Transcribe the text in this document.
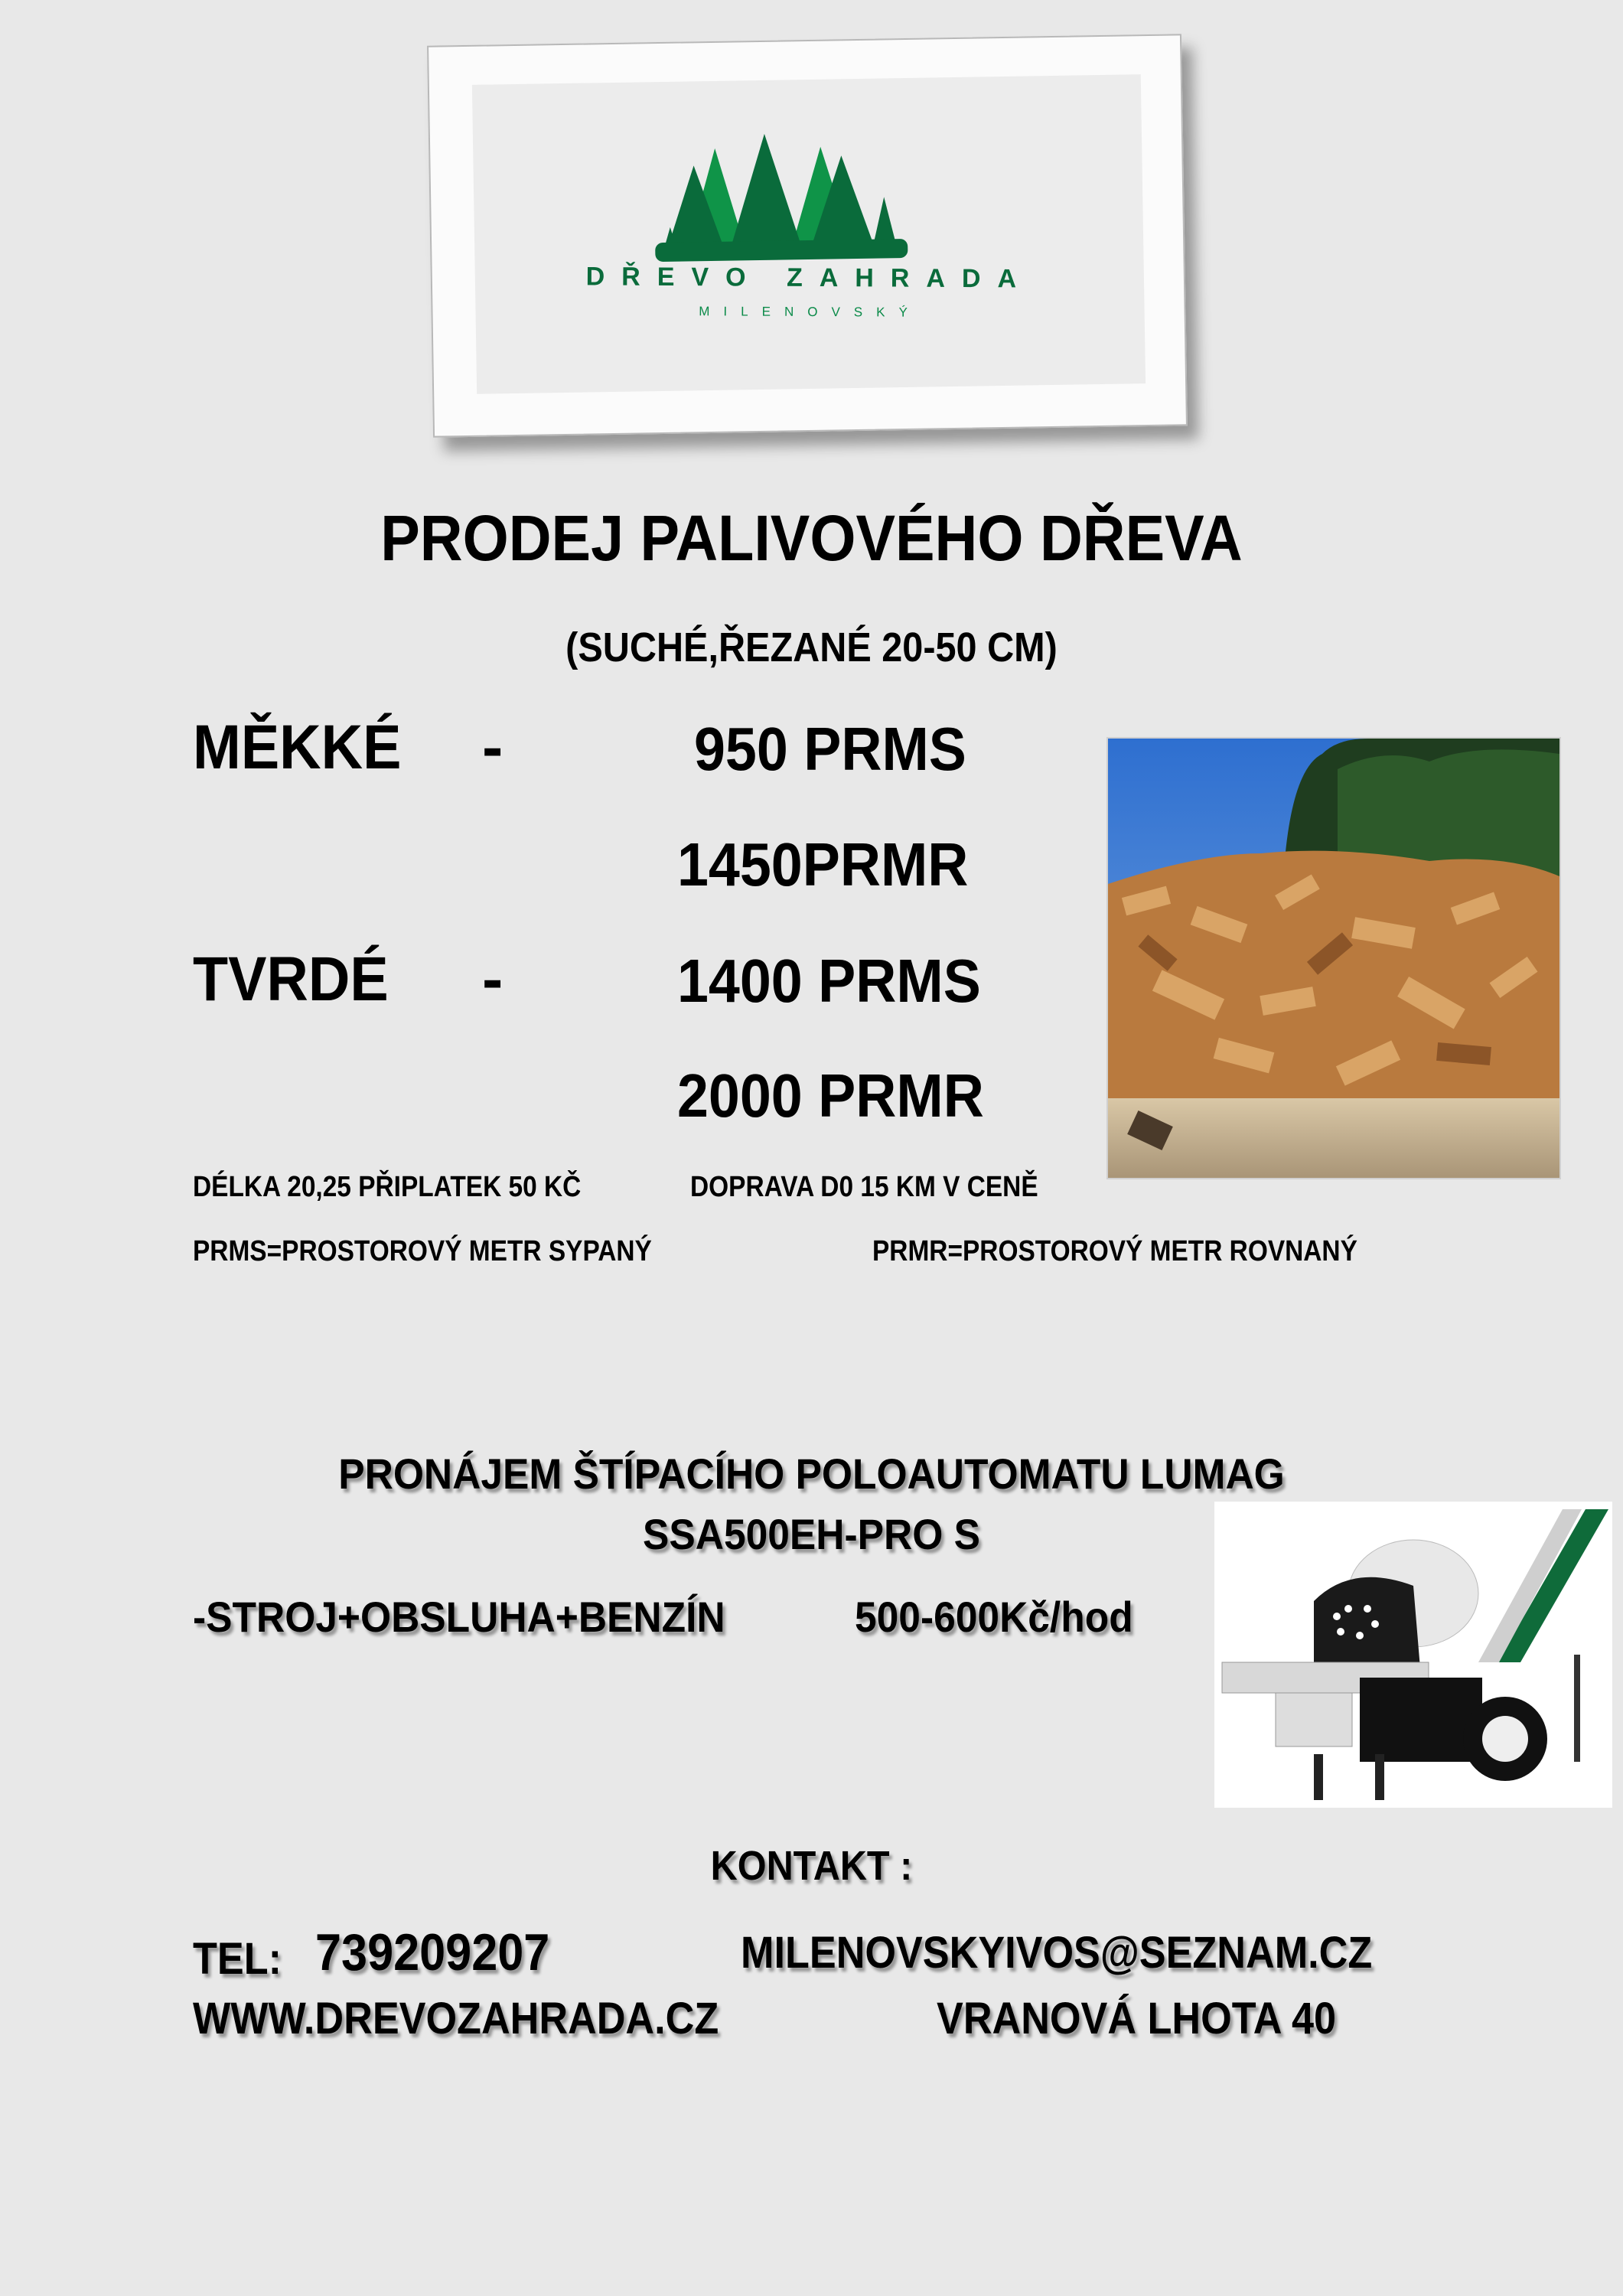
DŘEVO ZAHRADA
MILENOVSKÝ
PRODEJ PALIVOVÉHO DŘEVA
(SUCHÉ,ŘEZANÉ 20-50 CM)
MĚKKÉ -	950 PRMS
1450PRMR
TVRDÉ -	1400 PRMS
2000 PRMR
DÉLKA 20,25 PŘIPLATEK 50 KČ	DOPRAVA D0 15 KM V CENĚ
PRMS=PROSTOROVÝ METR SYPANÝ	PRMR=PROSTOROVÝ METR ROVNANÝ
PRONÁJEM ŠTÍPACÍHO POLOAUTOMATU LUMAG
SSA500EH-PRO S
-STROJ+OBSLUHA+BENZÍN	500-600Kč/hod
KONTAKT :
TEL: 739209207	MILENOVSKYIVOS@SEZNAM.CZ
WWW.DREVOZAHRADA.CZ	VRANOVÁ LHOTA 40
